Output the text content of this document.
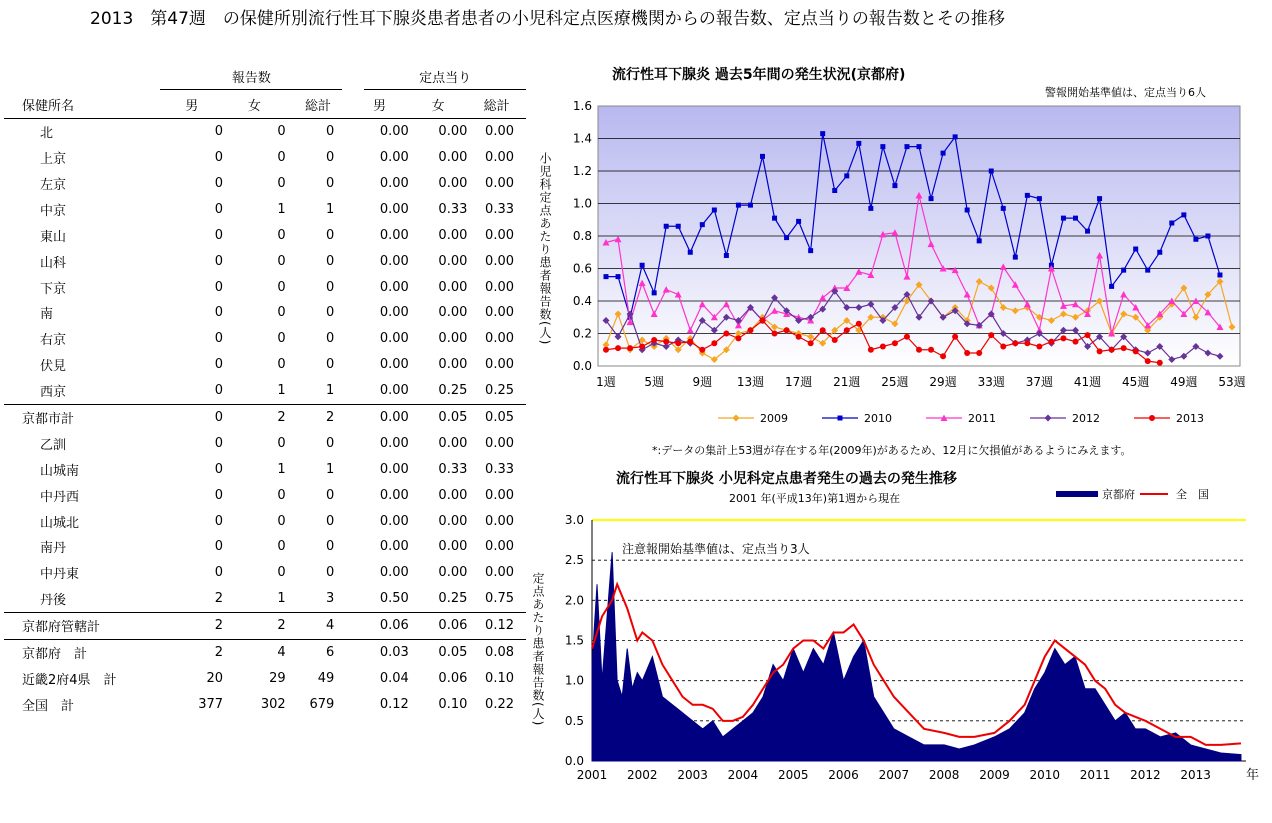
2013　第47週　の保健所別流行性耳下腺炎患者患者の小児科定点医療機関からの報告数、定点当りの報告数とその推移

	報告数			定点当り		

保健所名	男	女	総計	男	女	総計
北	0	0	0	0.00	0.00	0.00
上京	0	0	0	0.00	0.00	0.00
左京	0	0	0	0.00	0.00	0.00
中京	0	1	1	0.00	0.33	0.33
東山	0	0	0	0.00	0.00	0.00
山科	0	0	0	0.00	0.00	0.00
下京	0	0	0	0.00	0.00	0.00
南	0	0	0	0.00	0.00	0.00
右京	0	0	0	0.00	0.00	0.00
伏見	0	0	0	0.00	0.00	0.00
西京	0	1	1	0.00	0.25	0.25
京都市計	0	2	2	0.00	0.05	0.05
乙訓	0	0	0	0.00	0.00	0.00
山城南	0	1	1	0.00	0.33	0.33
中丹西	0	0	0	0.00	0.00	0.00
山城北	0	0	0	0.00	0.00	0.00
南丹	0	0	0	0.00	0.00	0.00
中丹東	0	0	0	0.00	0.00	0.00
丹後	2	1	3	0.50	0.25	0.75
京都府管轄計	2	2	4	0.06	0.06	0.12
京都府　計	2	4	6	0.03	0.05	0.08
近畿2府4県　計	20	29	49	0.04	0.06	0.10
全国　計	377	302	679	0.12	0.10	0.22
流行性耳下腺炎 過去5年間の発生状況(京都府)
警報開始基準値は、定点当り6人
小児科定点あたり患者報告数(人)
0.0
0.2
0.4
0.6
0.8
1.0
1.2
1.4
1.6
1週 5週 9週 13週 17週 21週 25週 29週 33週 37週 41週 45週 49週 53週
2009	2010	2011	2012	2013
*:データの集計上53週が存在する年(2009年)があるため、12月に欠損値があるようにみえます。
流行性耳下腺炎 小児科定点患者発生の過去の発生推移
2001 年(平成13年)第1週から現在
定点あたり患者報告数(人)
0.0
0.5
1.0
1.5
2.0
2.5
3.0
2001 2002 2003 2004 2005 2006 2007 2008 2009 2010 2011 2012 2013
京都府	全　国
注意報開始基準値は、定点当り3人
年
